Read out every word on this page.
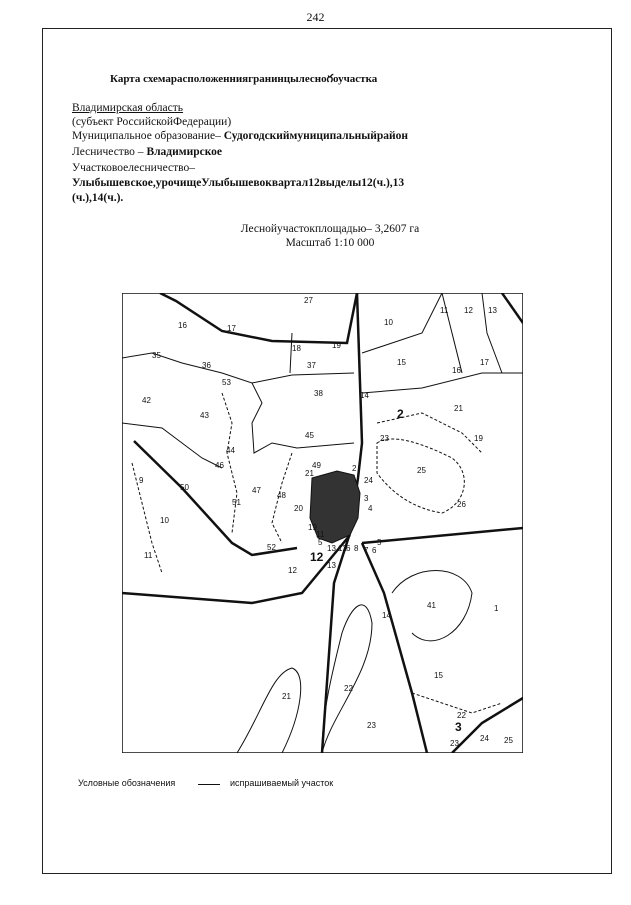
242
Карта схемарасположенниягранинцылесноగоучастка
Владимирская область
(субъект РоссийскойФедерации)
Муниципальное образование– Судогодскиймуниципальныйрайон
Лесничество – Владимирское
Участковоелесничество–
Улыбышевское,урочищеУлыбышевоквартал12выделы12(ч.),13
(ч.),14(ч.).
Леснойучастокплощадью– 3,2607 га
Масштаб 1:10 000
27
10
11 12 13
16	17
18	19
37
35
36
53
42
43
38
15
14
16
17
2	21
23	19
45
44
46
9
50
51
47
48
20
49
21
2
24
25
3
4	26
10
11
52
19
11
5
13 12 6 8 7 6
5
12
12
13
41	1
14
15
21
22
23
22
3
23
24 25
Условные обозначения	испрашиваемый участок
